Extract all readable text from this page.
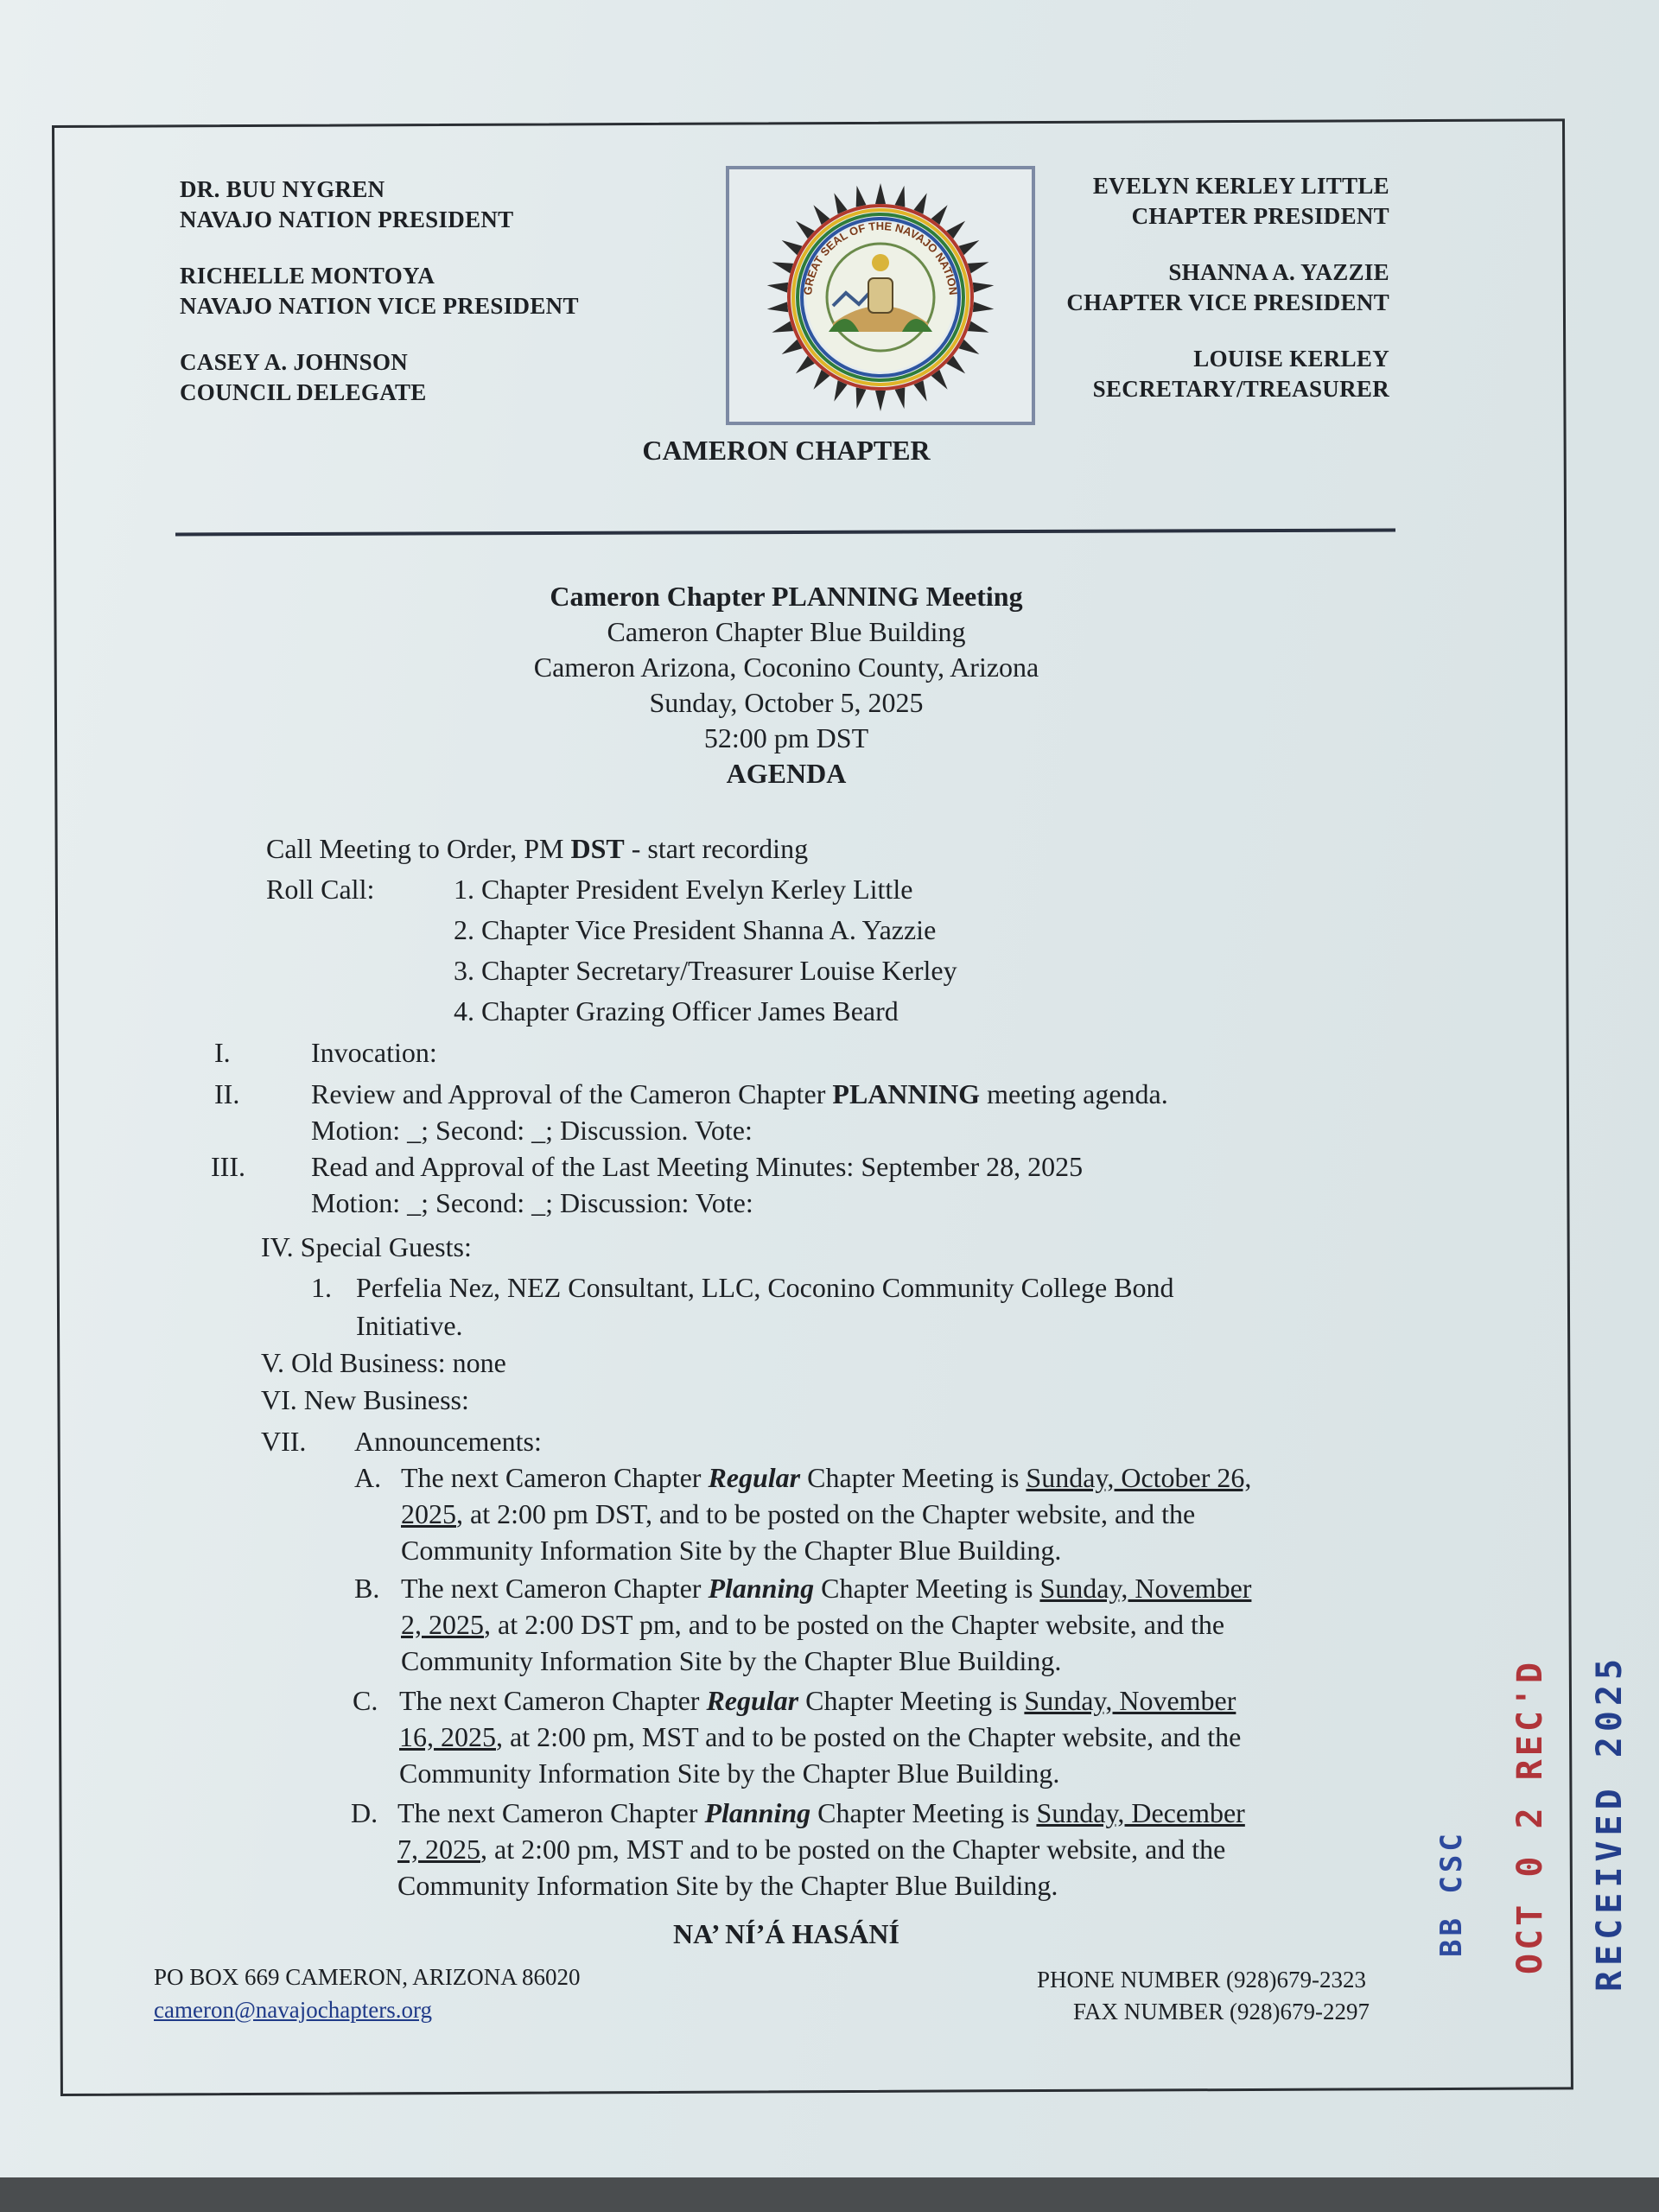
DR. BUU NYGREN
NAVAJO NATION PRESIDENT
RICHELLE MONTOYA
NAVAJO NATION VICE PRESIDENT
CASEY A. JOHNSON
COUNCIL DELEGATE
GREAT SEAL OF THE NAVAJO NATION
EVELYN KERLEY LITTLE
CHAPTER PRESIDENT
SHANNA A. YAZZIE
CHAPTER VICE PRESIDENT
LOUISE KERLEY
SECRETARY/TREASURER
CAMERON CHAPTER
Cameron Chapter PLANNING Meeting
Cameron Chapter Blue Building
Cameron Arizona, Coconino County, Arizona
Sunday, October 5, 2025
52:00 pm DST
AGENDA
Call Meeting to Order, PM DST - start recording
Roll Call:	1. Chapter President Evelyn Kerley Little
2. Chapter Vice President Shanna A. Yazzie
3. Chapter Secretary/Treasurer Louise Kerley
4. Chapter Grazing Officer James Beard
I.	Invocation:
II.	Review and Approval of the Cameron Chapter PLANNING meeting agenda.
Motion: _; Second: _; Discussion. Vote:
III. Read and Approval of the Last Meeting Minutes: September 28, 2025
Motion: _; Second: _; Discussion: Vote:
IV. Special Guests:
1. Perfelia Nez, NEZ Consultant, LLC, Coconino Community College Bond
Initiative.
V. Old Business: none
VI. New Business:
VII. Announcements:
A. The next Cameron Chapter Regular Chapter Meeting is Sunday, October 26,
2025, at 2:00 pm DST, and to be posted on the Chapter website, and the
Community Information Site by the Chapter Blue Building.
B. The next Cameron Chapter Planning Chapter Meeting is Sunday, November
2, 2025, at 2:00 DST pm, and to be posted on the Chapter website, and the
Community Information Site by the Chapter Blue Building.
C. The next Cameron Chapter Regular Chapter Meeting is Sunday, November
16, 2025, at 2:00 pm, MST and to be posted on the Chapter website, and the
Community Information Site by the Chapter Blue Building.
D. The next Cameron Chapter Planning Chapter Meeting is Sunday, December
7, 2025, at 2:00 pm, MST and to be posted on the Chapter website, and the
Community Information Site by the Chapter Blue Building.
NA’ NÍ’Á HASÁNÍ
PO BOX 669 CAMERON, ARIZONA 86020
cameron@navajochapters.org
PHONE NUMBER (928)679-2323
FAX NUMBER (928)679-2297
BB CSC OCT 0 2 REC'D RECEIVED 2025
